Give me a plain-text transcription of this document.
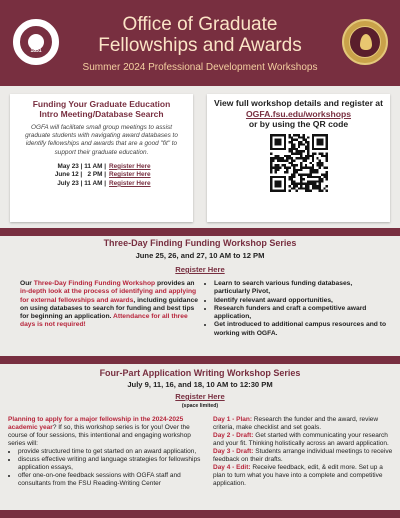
1851
Office of Graduate
Fellowships and Awards
Summer 2024 Professional Development Workshops
Funding Your Graduate Education
Intro Meeting/Database Search
OGFA will facilitate small group meetings to assist graduate students with navigating award databases to identify fellowships and awards that are a good "fit" to support their graduate education.
May 23 | 11 AM | Register Here
June 12 |   2 PM | Register Here
July 23 | 11 AM | Register Here
View full workshop details and register at
OGFA.fsu.edu/workshops
or by using the QR code
Three-Day Finding Funding Workshop Series
June 25, 26, and 27, 10 AM to 12 PM
Register Here
Our Three-Day Finding Funding Workshop provides an in-depth look at the process of identifying and applying for external fellowships and awards, including guidance on using databases to search for funding and best tips for beginning an application. Attendance for all three days is not required!
• Learn to search various funding databases, particularly Pivot,
• Identify relevant award opportunities,
• Research funders and craft a competitive award application,
• Get introduced to additional campus resources and to working with OGFA.
Four-Part Application Writing Workshop Series
July 9, 11, 16, and 18, 10 AM to 12:30 PM
Register Here
(space limited)
Planning to apply for a major fellowship in the 2024-2025 academic year? If so, this workshop series is for you! Over the course of four sessions, this intentional and engaging workshop series will:
• provide structured time to get started on an award application,
• discuss effective writing and language strategies for fellowships application essays,
• offer one-on-one feedback sessions with OGFA staff and consultants from the FSU Reading-Writing Center
Day 1 - Plan: Research the funder and the award, review criteria, make checklist and set goals.
Day 2 - Draft: Get started with communicating your research and your fit. Thinking holistically across an award application.
Day 3 - Draft: Students arrange individual meetings to receive feedback on their drafts.
Day 4 - Edit: Receive feedback, edit, & edit more. Set up a plan to turn what you have into a complete and competitive application.
